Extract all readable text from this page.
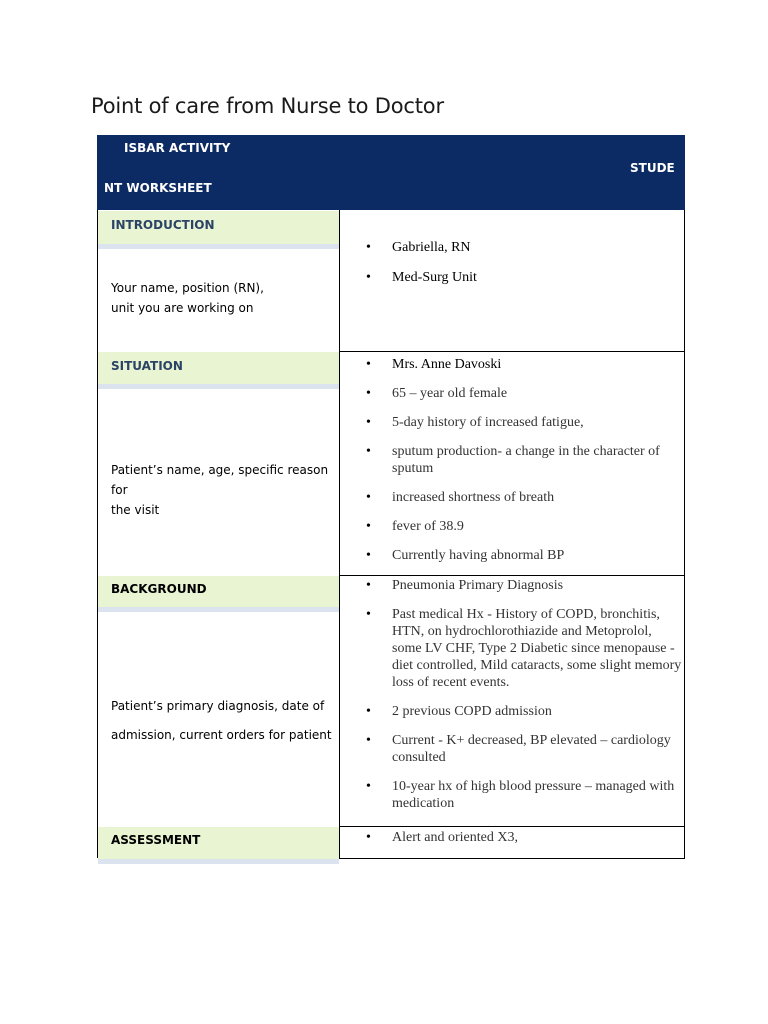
Point of care from Nurse to Doctor
ISBAR ACTIVITY
STUDE
NT WORKSHEET
INTRODUCTION
Your name, position (RN),
unit you are working on
• Gabriella, RN
• Med-Surg Unit
SITUATION
Patient’s name, age, specific reason for
the visit
• Mrs. Anne Davoski
• 65 – year old female
• 5-day history of increased fatigue,
• sputum production- a change in the character of sputum
• increased shortness of breath
• fever of 38.9
• Currently having abnormal BP
BACKGROUND
Patient’s primary diagnosis, date of
admission, current orders for patient
• Pneumonia Primary Diagnosis
• Past medical Hx - History of COPD, bronchitis, HTN, on hydrochlorothiazide and Metoprolol, some LV CHF, Type 2 Diabetic since menopause - diet controlled, Mild cataracts, some slight memory loss of recent events.
• 2 previous COPD admission
• Current - K+ decreased, BP elevated – cardiology consulted
• 10-year hx of high blood pressure – managed with medication
ASSESSMENT
•	Alert and oriented X3,
